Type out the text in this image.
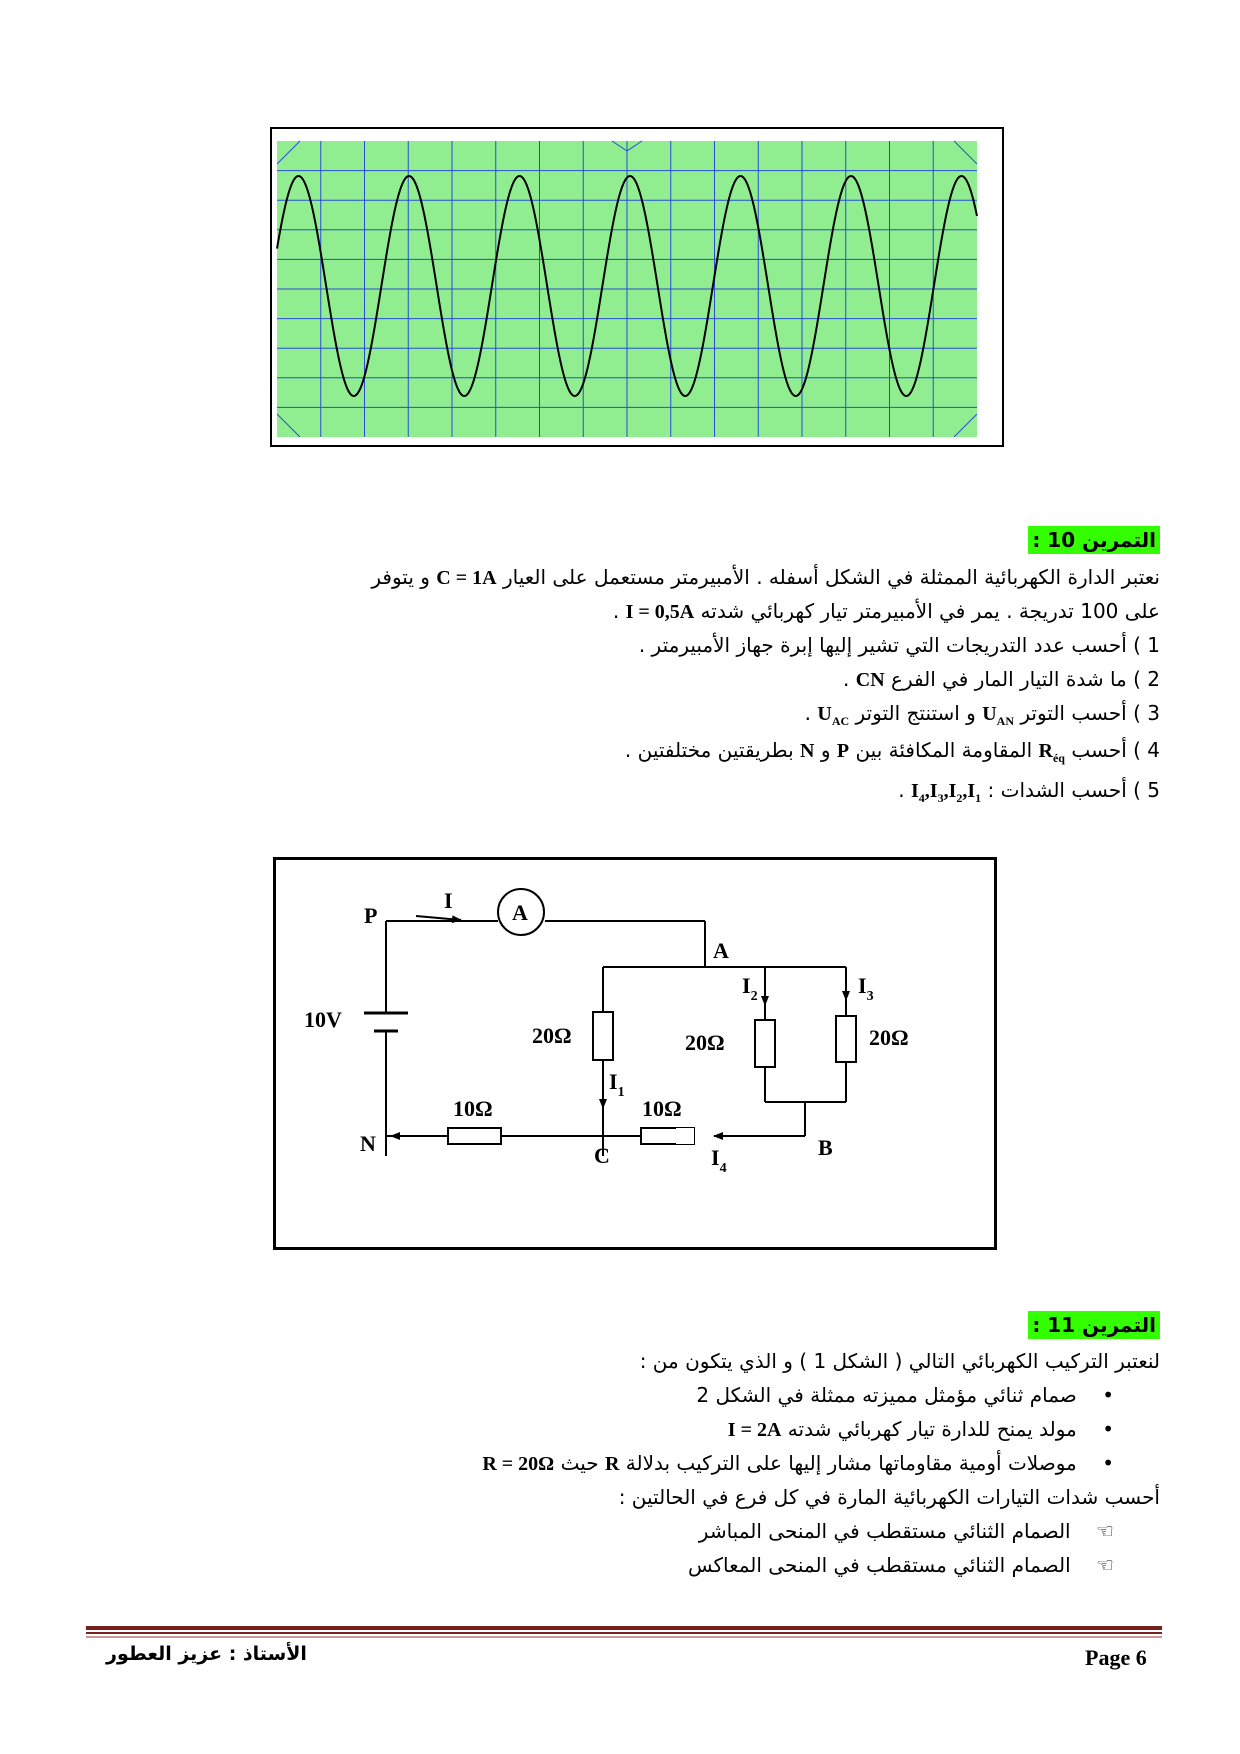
: التمرين 10
نعتبر الدارة الكهربائية الممثلة في الشكل أسفله . الأمبيرمتر مستعمل على العيار C = 1A و يتوفر
على 100 تدريجة . يمر في الأمبيرمتر تيار كهربائي شدته I = 0,5A .
1 ) أحسب عدد التدريجات التي تشير إليها إبرة جهاز الأمبيرمتر .
2 ) ما شدة التيار المار في الفرع CN .
3 ) أحسب التوتر $U_{AN}$ و استنتج التوتر $U_{AC}$ .
4 ) أحسب $R_{éq}$ المقاومة المكافئة بين P و N بطريقتين مختلفتين .
5 ) أحسب الشدات : $I_4,I_3,I_2,I_1$ .
P
I	A
A
10V
20Ω	20Ω	20Ω
$I_1$
$I_2$	$I_3$
$I_4$
10Ω	10Ω
N	C	B
: التمرين 11
لنعتبر التركيب الكهربائي التالي ( الشكل 1 ) و الذي يتكون من :
•    صمام ثنائي مؤمثل مميزته ممثلة في الشكل 2
•    مولد يمنح للدارة تيار كهربائي شدته I = 2A
•    موصلات أومية مقاوماتها مشار إليها على التركيب بدلالة R حيث R = 20Ω
أحسب شدات التيارات الكهربائية المارة في كل فرع في الحالتين :
☜    الصمام الثنائي مستقطب في المنحى المباشر
☜    الصمام الثنائي مستقطب في المنحى المعاكس
Page 6
الأستاذ : عزيز العطور
